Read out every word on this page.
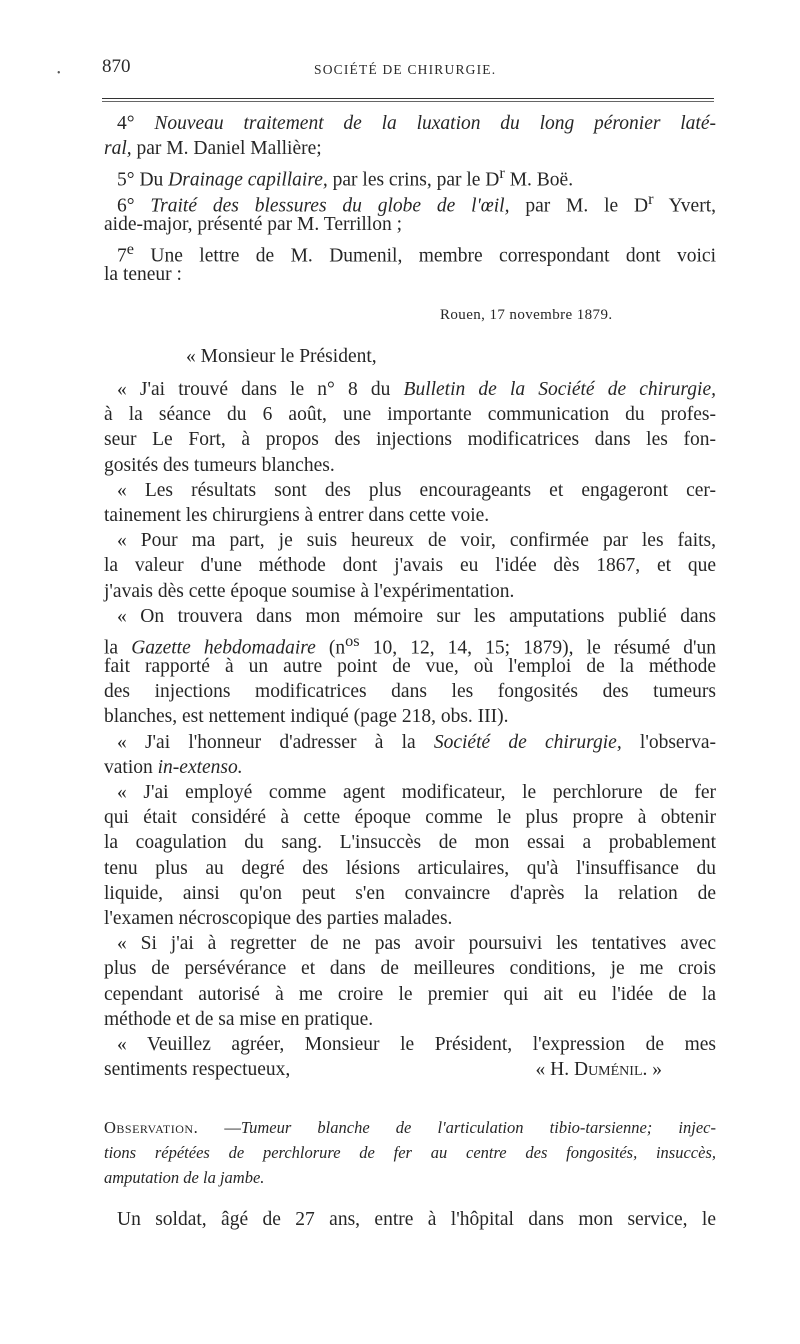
• 870	SOCIÉTÉ DE CHIRURGIE.
4° Nouveau traitement de la luxation du long péronier laté-
ral, par M. Daniel Mallière;
5° Du Drainage capillaire, par les crins, par le $D^r$ M. Boë.
6° Traité des blessures du globe de l'œil, par M. le $D^r$ Yvert,
aide-major, présenté par M. Terrillon ;
7e Une lettre de M. Dumenil, membre correspondant dont voici
la teneur :
Rouen, 17 novembre 1879.
« Monsieur le Président,
« J'ai trouvé dans le n° 8 du Bulletin de la Société de chirurgie,
à la séance du 6 août, une importante communication du profes-
seur Le Fort, à propos des injections modificatrices dans les fon-
gosités des tumeurs blanches.
« Les résultats sont des plus encourageants et engageront cer-
tainement les chirurgiens à entrer dans cette voie.
« Pour ma part, je suis heureux de voir, confirmée par les faits,
la valeur d'une méthode dont j'avais eu l'idée dès 1867, et que
j'avais dès cette époque soumise à l'expérimentation.
« On trouvera dans mon mémoire sur les amputations publié dans
la Gazette hebdomadaire ($n^{os}$ 10, 12, 14, 15; 1879), le résumé d'un
fait rapporté à un autre point de vue, où l'emploi de la méthode
des injections modificatrices dans les fongosités des tumeurs
blanches, est nettement indiqué (page 218, obs. III).
« J'ai l'honneur d'adresser à la Société de chirurgie, l'observa-
vation in-extenso.
« J'ai employé comme agent modificateur, le perchlorure de fer
qui était considéré à cette époque comme le plus propre à obtenir
la coagulation du sang. L'insuccès de mon essai a probablement
tenu plus au degré des lésions articulaires, qu'à l'insuffisance du
liquide, ainsi qu'on peut s'en convaincre d'après la relation de
l'examen nécroscopique des parties malades.
« Si j'ai à regretter de ne pas avoir poursuivi les tentatives avec
plus de persévérance et dans de meilleures conditions, je me crois
cependant autorisé à me croire le premier qui ait eu l'idée de la
méthode et de sa mise en pratique.
« Veuillez agréer, Monsieur le Président, l'expression de mes
sentiments respectueux,	« H. Duménil. »
Observation. —Tumeur blanche de l'articulation tibio-tarsienne; injec-
tions répétées de perchlorure de fer au centre des fongosités, insuccès,
amputation de la jambe.
Un soldat, âgé de 27 ans, entre à l'hôpital dans mon service, le
